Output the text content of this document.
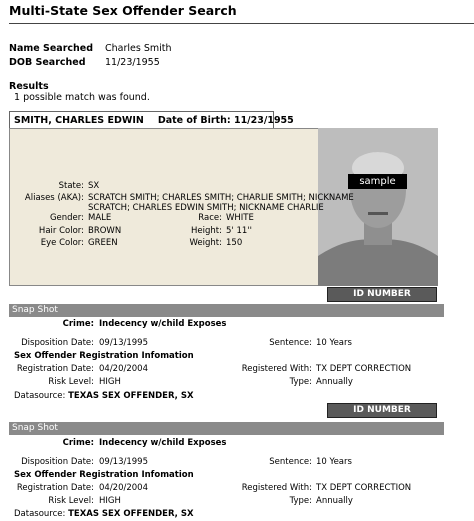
Multi-State Sex Offender Search
Name Searched Charles Smith
DOB Searched 11/23/1955
Results
1 possible match was found.
SMITH, CHARLES EDWIN Date of Birth: 11/23/1955
sample
State: SX
Aliases (AKA): SCRATCH SMITH; CHARLES SMITH; CHARLIE SMITH; NICKNAME
SCRATCH; CHARLES EDWIN SMITH; NICKNAME CHARLIE
Gender: MALE
Hair Color: BROWN
Eye Color: GREEN
Race: WHITE
Height: 5' 11''
Weight: 150
ID NUMBER
Snap Shot
Crime: Indecency w/child Exposes
Disposition Date: 09/13/1995	Sentence: 10 Years
Sex Offender Registration Infomation
Registration Date: 04/20/2004	Registered With: TX DEPT CORRECTION
Risk Level: HIGH	Type: Annually
Datasource: TEXAS SEX OFFENDER, SX
ID NUMBER
Snap Shot
Crime: Indecency w/child Exposes
Disposition Date: 09/13/1995	Sentence: 10 Years
Sex Offender Registration Infomation
Registration Date: 04/20/2004	Registered With: TX DEPT CORRECTION
Risk Level: HIGH	Type: Annually
Datasource: TEXAS SEX OFFENDER, SX
